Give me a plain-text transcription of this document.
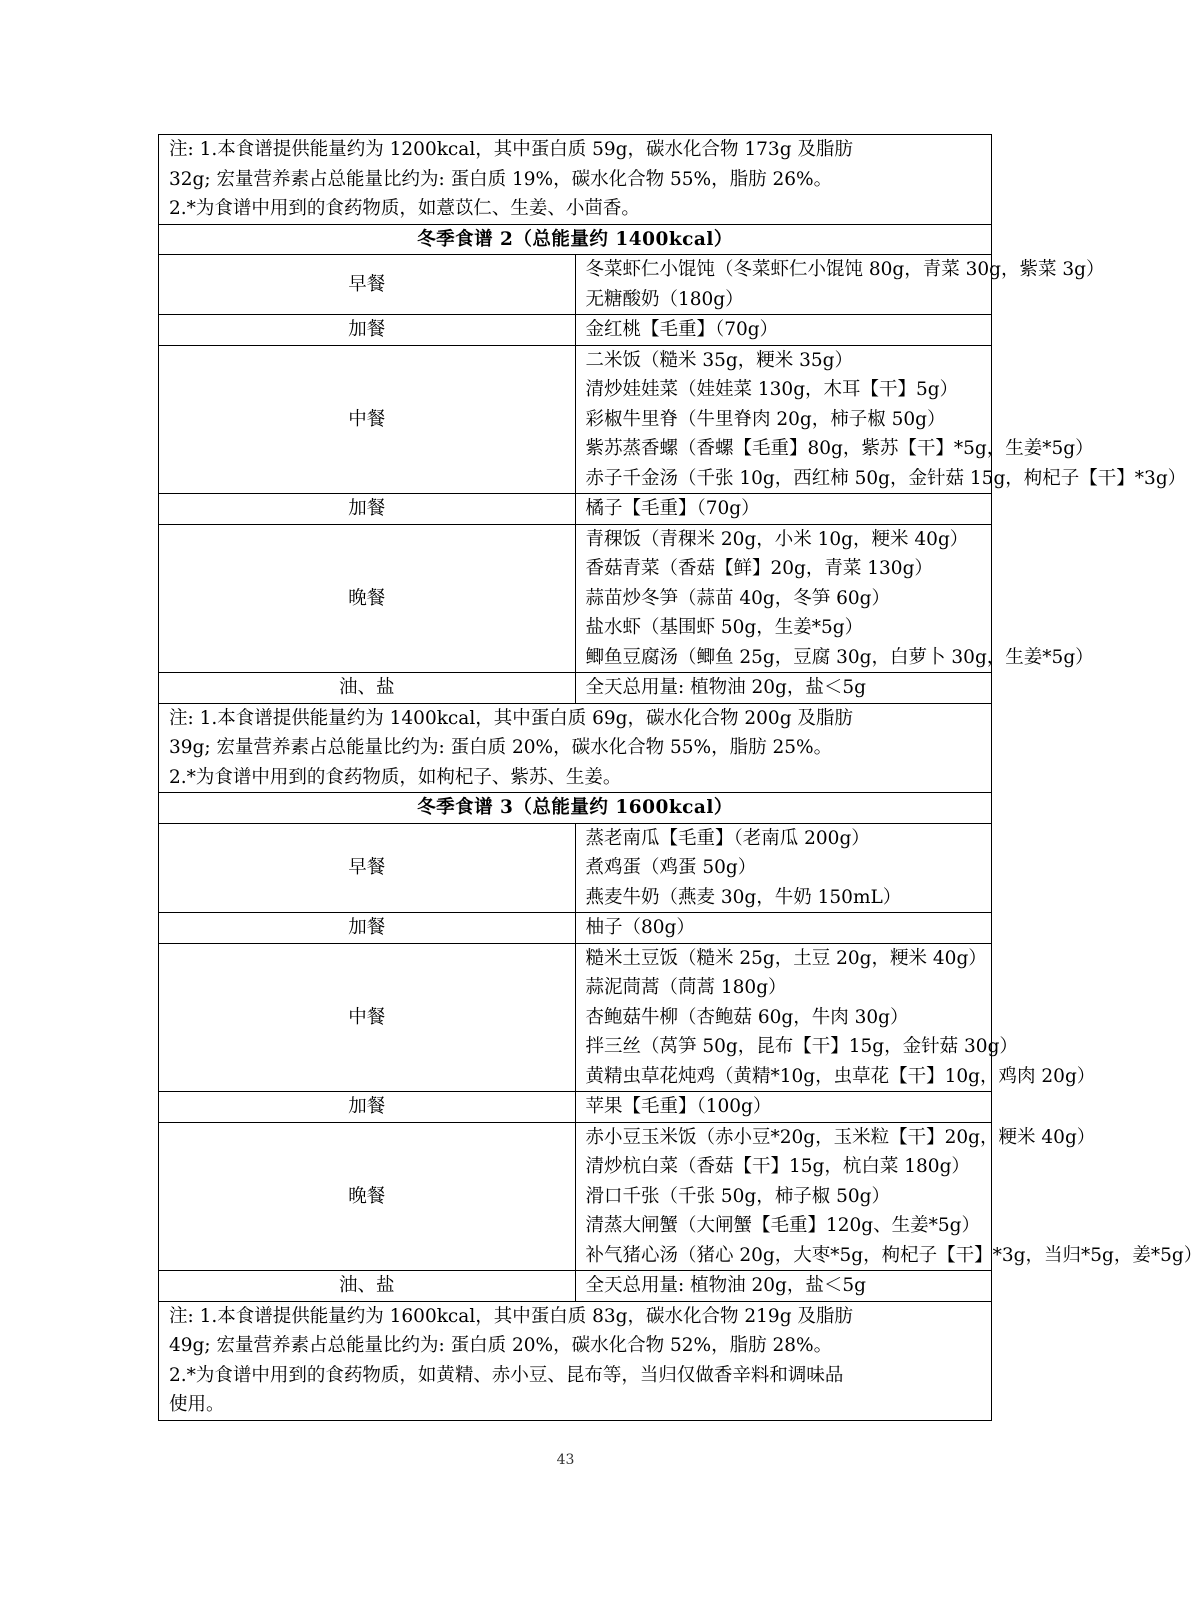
注: 1.本食谱提供能量约为 1200kcal，其中蛋白质 59g，碳水化合物 173g 及脂肪
32g; 宏量营养素占总能量比约为: 蛋白质 19%，碳水化合物 55%，脂肪 26%。
2.*为食谱中用到的食药物质，如薏苡仁、生姜、小茴香。	

冬季食谱 2（总能量约 1400kcal）	
早餐	冬菜虾仁小馄饨（冬菜虾仁小馄饨 80g，青菜 30g，紫菜 3g）
无糖酸奶（180g）

加餐	金红桃【毛重】（70g）

中餐	二米饭（糙米 35g，粳米 35g）
清炒娃娃菜（娃娃菜 130g，木耳【干】5g）
彩椒牛里脊（牛里脊肉 20g，柿子椒 50g）
紫苏蒸香螺（香螺【毛重】80g，紫苏【干】*5g，生姜*5g）
赤子千金汤（千张 10g，西红柿 50g，金针菇 15g，枸杞子【干】*3g）

加餐	橘子【毛重】（70g）

晚餐	青稞饭（青稞米 20g，小米 10g，粳米 40g）
香菇青菜（香菇【鲜】20g，青菜 130g）
蒜苗炒冬笋（蒜苗 40g，冬笋 60g）
盐水虾（基围虾 50g，生姜*5g）
鲫鱼豆腐汤（鲫鱼 25g，豆腐 30g，白萝卜 30g，生姜*5g）

油、盐	全天总用量: 植物油 20g，盐＜5g

注: 1.本食谱提供能量约为 1400kcal，其中蛋白质 69g，碳水化合物 200g 及脂肪
39g; 宏量营养素占总能量比约为: 蛋白质 20%，碳水化合物 55%，脂肪 25%。
2.*为食谱中用到的食药物质，如枸杞子、紫苏、生姜。	

冬季食谱 3（总能量约 1600kcal）	
早餐	蒸老南瓜【毛重】（老南瓜 200g）
煮鸡蛋（鸡蛋 50g）
燕麦牛奶（燕麦 30g，牛奶 150mL）

加餐	柚子（80g）

中餐	糙米土豆饭（糙米 25g，土豆 20g，粳米 40g）
蒜泥茼蒿（茼蒿 180g）
杏鲍菇牛柳（杏鲍菇 60g，牛肉 30g）
拌三丝（莴笋 50g，昆布【干】15g，金针菇 30g）
黄精虫草花炖鸡（黄精*10g，虫草花【干】10g，鸡肉 20g）

加餐	苹果【毛重】（100g）

晚餐	赤小豆玉米饭（赤小豆*20g，玉米粒【干】20g，粳米 40g）
清炒杭白菜（香菇【干】15g，杭白菜 180g）
滑口千张（千张 50g，柿子椒 50g）
清蒸大闸蟹（大闸蟹【毛重】120g、生姜*5g）
补气猪心汤（猪心 20g，大枣*5g，枸杞子【干】*3g，当归*5g，姜*5g）

油、盐	全天总用量: 植物油 20g，盐＜5g

注: 1.本食谱提供能量约为 1600kcal，其中蛋白质 83g，碳水化合物 219g 及脂肪
49g; 宏量营养素占总能量比约为: 蛋白质 20%，碳水化合物 52%，脂肪 28%。
2.*为食谱中用到的食药物质，如黄精、赤小豆、昆布等，当归仅做香辛料和调味品
使用。	
43
